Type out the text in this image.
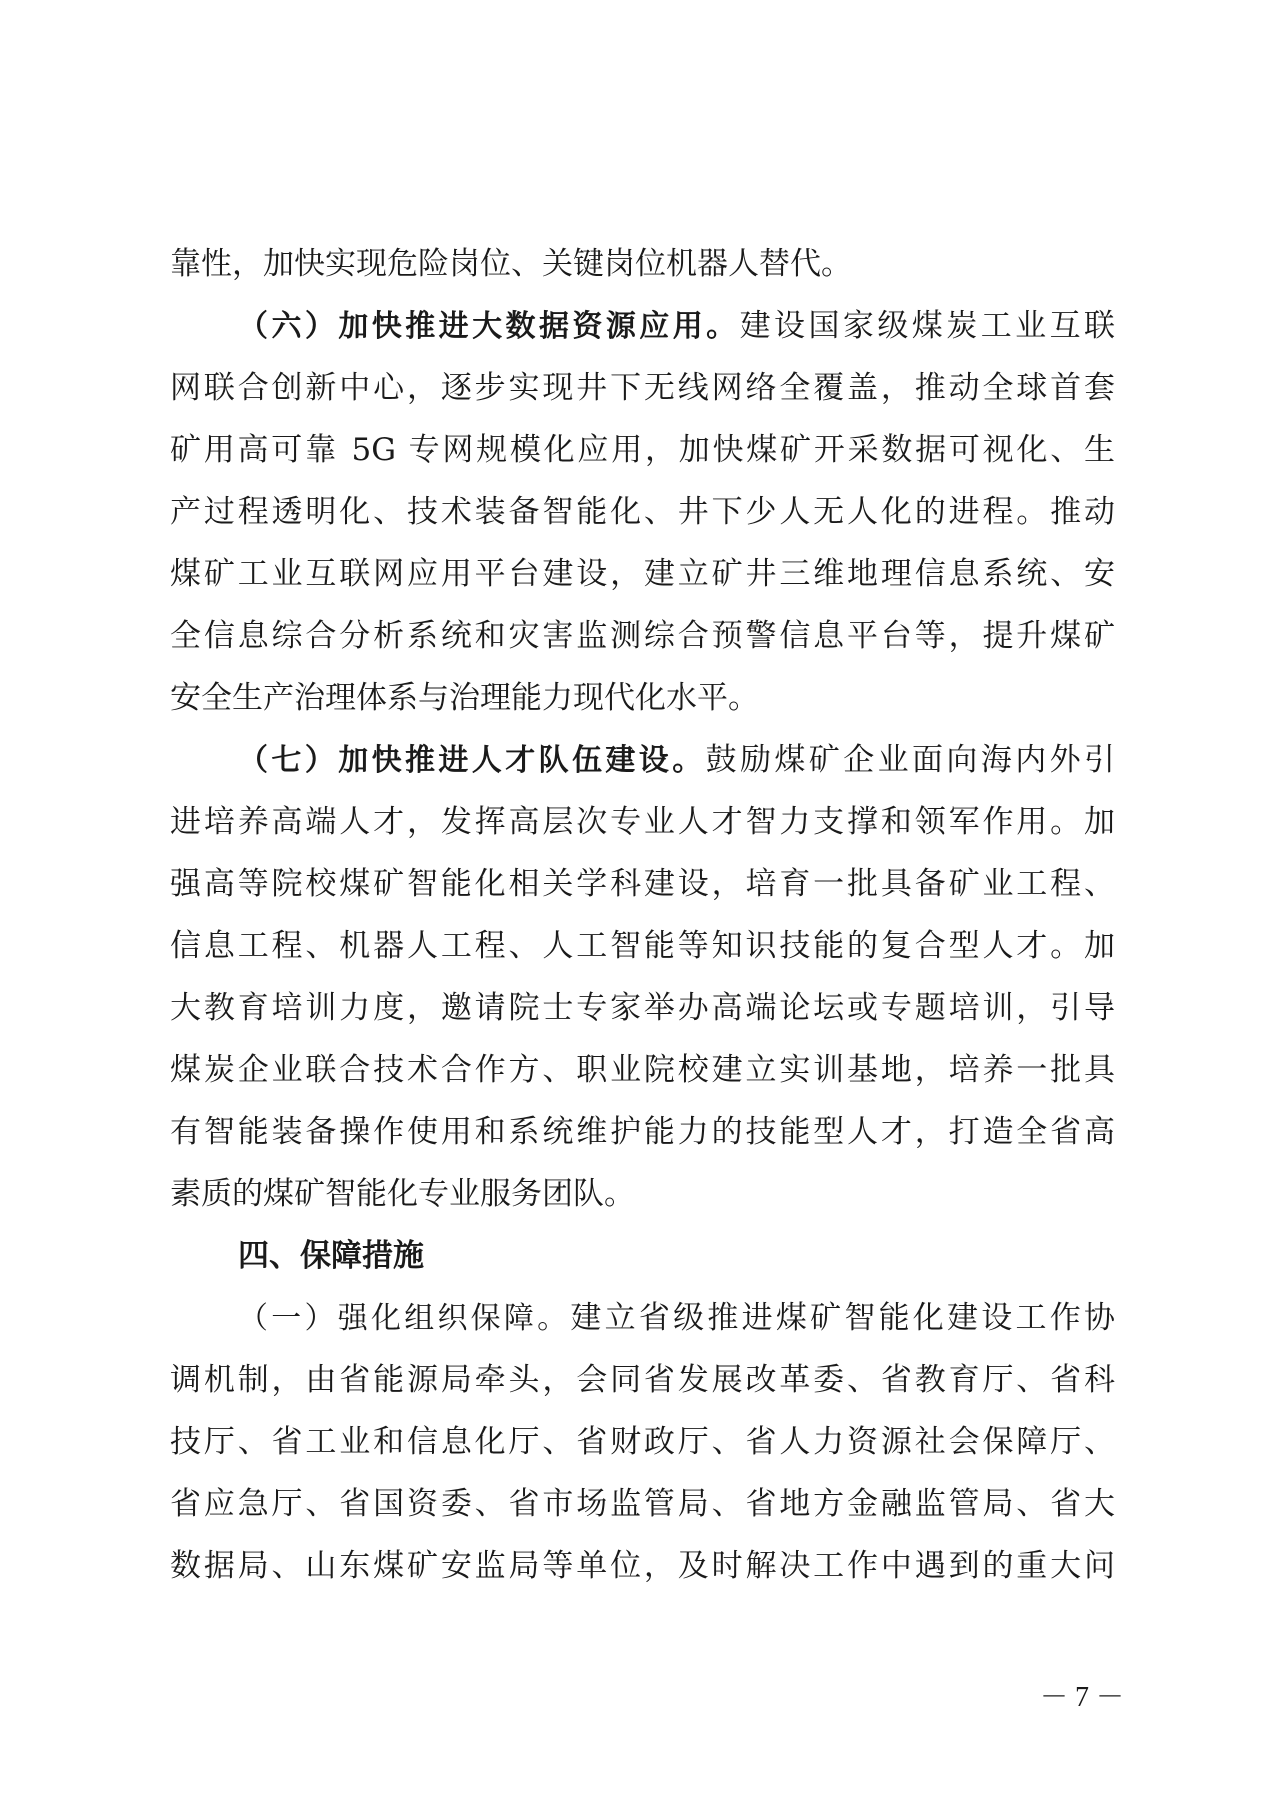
靠性，加快实现危险岗位、关键岗位机器人替代。
（六）加快推进大数据资源应用。建设国家级煤炭工业互联
网联合创新中心，逐步实现井下无线网络全覆盖，推动全球首套
矿用高可靠 5G 专网规模化应用，加快煤矿开采数据可视化、生
产过程透明化、技术装备智能化、井下少人无人化的进程。推动
煤矿工业互联网应用平台建设，建立矿井三维地理信息系统、安
全信息综合分析系统和灾害监测综合预警信息平台等，提升煤矿
安全生产治理体系与治理能力现代化水平。
（七）加快推进人才队伍建设。鼓励煤矿企业面向海内外引
进培养高端人才，发挥高层次专业人才智力支撑和领军作用。加
强高等院校煤矿智能化相关学科建设，培育一批具备矿业工程、
信息工程、机器人工程、人工智能等知识技能的复合型人才。加
大教育培训力度，邀请院士专家举办高端论坛或专题培训，引导
煤炭企业联合技术合作方、职业院校建立实训基地，培养一批具
有智能装备操作使用和系统维护能力的技能型人才，打造全省高
素质的煤矿智能化专业服务团队。
四、保障措施
（一）强化组织保障。建立省级推进煤矿智能化建设工作协
调机制，由省能源局牵头，会同省发展改革委、省教育厅、省科
技厅、省工业和信息化厅、省财政厅、省人力资源社会保障厅、
省应急厅、省国资委、省市场监管局、省地方金融监管局、省大
数据局、山东煤矿安监局等单位，及时解决工作中遇到的重大问
－ 7 －
